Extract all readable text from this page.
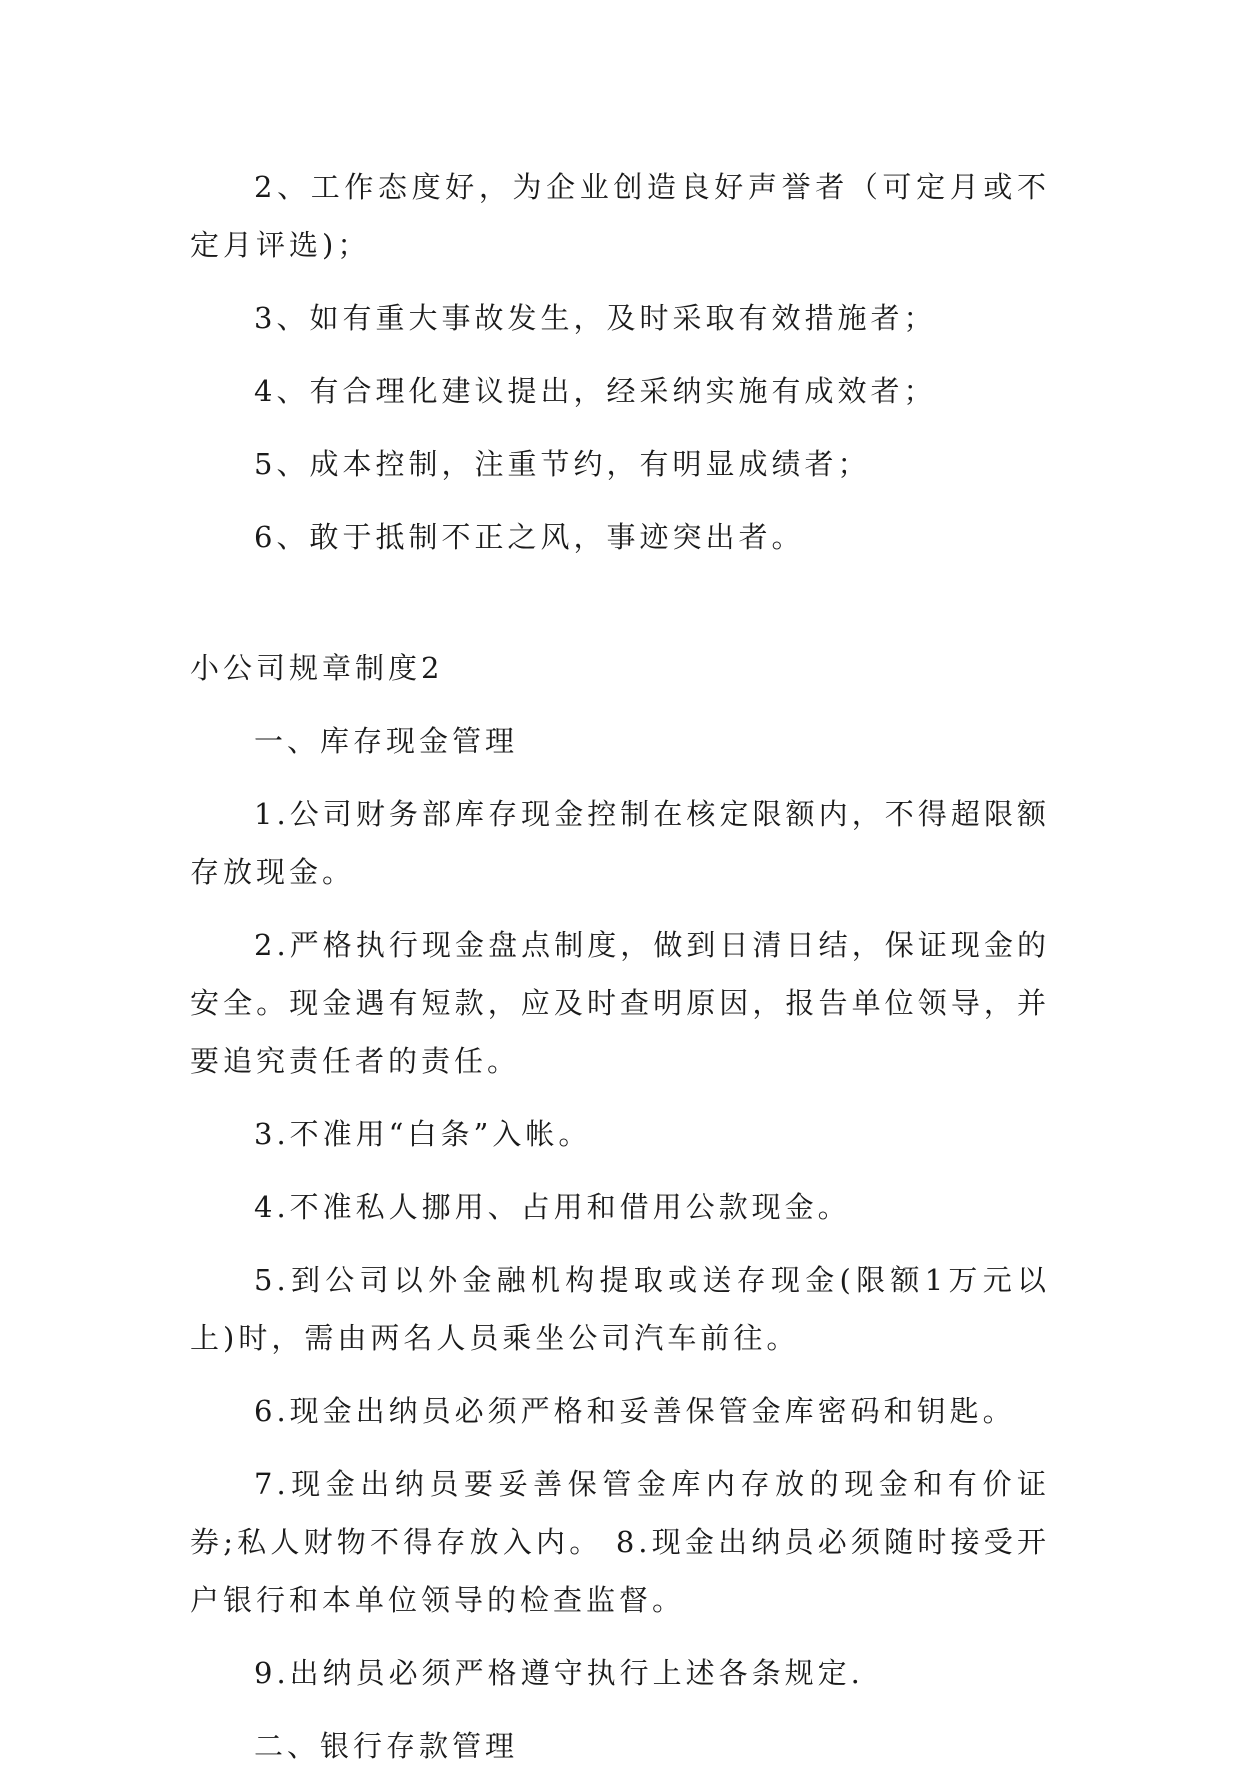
2、工作态度好，为企业创造良好声誉者（可定月或不定月评选)；

3、如有重大事故发生，及时采取有效措施者；

4、有合理化建议提出，经采纳实施有成效者；

5、成本控制，注重节约，有明显成绩者；

6、敢于抵制不正之风，事迹突出者。

小公司规章制度2

一、库存现金管理

1.公司财务部库存现金控制在核定限额内，不得超限额存放现金。

2.严格执行现金盘点制度，做到日清日结，保证现金的安全。现金遇有短款，应及时查明原因，报告单位领导，并要追究责任者的责任。

3.不准用“白条”入帐。

4.不准私人挪用、占用和借用公款现金。

5.到公司以外金融机构提取或送存现金(限额1万元以上)时，需由两名人员乘坐公司汽车前往。

6.现金出纳员必须严格和妥善保管金库密码和钥匙。

7.现金出纳员要妥善保管金库内存放的现金和有价证券;私人财物不得存放入内。 8.现金出纳员必须随时接受开户银行和本单位领导的检查监督。

9.出纳员必须严格遵守执行上述各条规定.

二、银行存款管理
